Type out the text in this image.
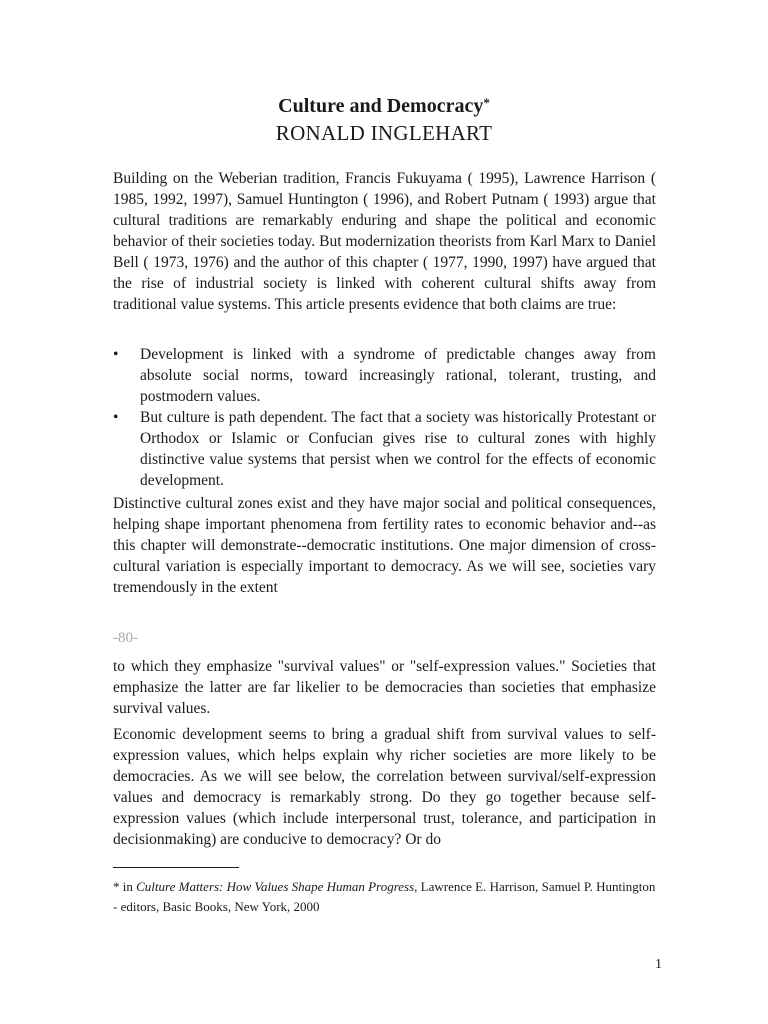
Culture and Democracy*
RONALD INGLEHART
Building on the Weberian tradition, Francis Fukuyama ( 1995), Lawrence Harrison ( 1985, 1992, 1997), Samuel Huntington ( 1996), and Robert Putnam ( 1993) argue that cultural traditions are remarkably enduring and shape the political and economic behavior of their societies today. But modernization theorists from Karl Marx to Daniel Bell ( 1973, 1976) and the author of this chapter ( 1977, 1990, 1997) have argued that the rise of industrial society is linked with coherent cultural shifts away from traditional value systems. This article presents evidence that both claims are true:
• Development is linked with a syndrome of predictable changes away from absolute social norms, toward increasingly rational, tolerant, trusting, and postmodern values.
• But culture is path dependent. The fact that a society was historically Protestant or Orthodox or Islamic or Confucian gives rise to cultural zones with highly distinctive value systems that persist when we control for the effects of economic development.
Distinctive cultural zones exist and they have major social and political consequences, helping shape important phenomena from fertility rates to economic behavior and--as this chapter will demonstrate--democratic institutions. One major dimension of cross-cultural variation is especially important to democracy. As we will see, societies vary tremendously in the extent
-80-
to which they emphasize "survival values" or "self-expression values." Societies that emphasize the latter are far likelier to be democracies than societies that emphasize survival values.
Economic development seems to bring a gradual shift from survival values to self-expression values, which helps explain why richer societies are more likely to be democracies. As we will see below, the correlation between survival/self-expression values and democracy is remarkably strong. Do they go together because self-expression values (which include interpersonal trust, tolerance, and participation in decisionmaking) are conducive to democracy? Or do
* in Culture Matters: How Values Shape Human Progress, Lawrence E. Harrison, Samuel P. Huntington - editors, Basic Books, New York, 2000
1
